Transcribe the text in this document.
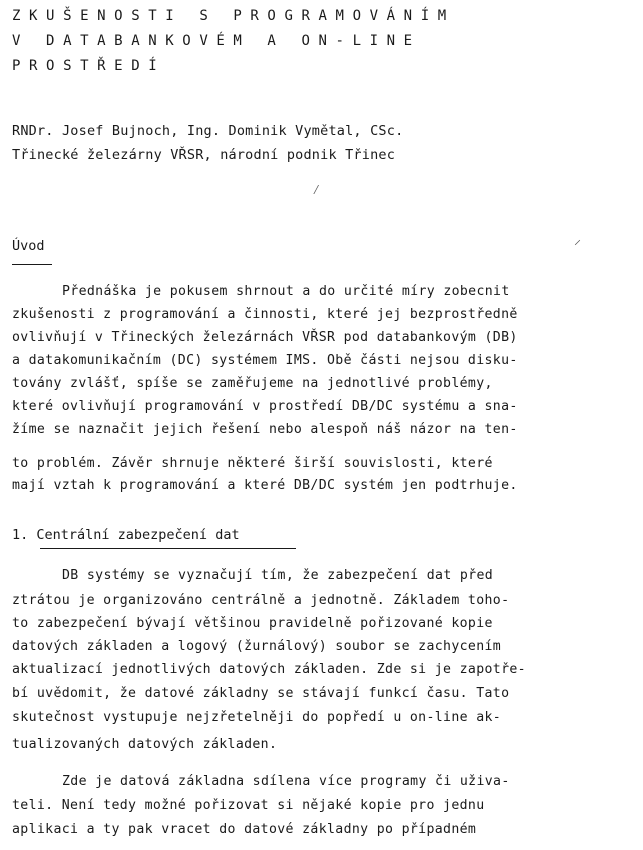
ZKUŠENOSTI S PROGRAMOVÁNÍM
V DATABANKOVÉM A ON-LINE
PROSTŘEDÍ
RNDr. Josef Bujnoch, Ing. Dominik Vymětal, CSc.
Třinecké železárny VŘSR, národní podnik Třinec
⁄
⸝
Úvod
Přednáška je pokusem shrnout a do určité míry zobecnit
zkušenosti z programování a činnosti, které jej bezprostředně
ovlivňují v Třineckých železárnách VŘSR pod databankovým (DB)
a datakomunikačním (DC) systémem IMS. Obě části nejsou disku-
továny zvlášť, spíše se zaměřujeme na jednotlivé problémy,
které ovlivňují programování v prostředí DB/DC systému a sna-
žíme se naznačit jejich řešení nebo alespoň náš názor na ten-
to problém. Závěr shrnuje některé širší souvislosti, které
mají vztah k programování a které DB/DC systém jen podtrhuje.
1. Centrální zabezpečení dat
DB systémy se vyznačují tím, že zabezpečení dat před
ztrátou je organizováno centrálně a jednotně. Základem toho-
to zabezpečení bývají většinou pravidelně pořizované kopie
datových základen a logový (žurnálový) soubor se zachycením
aktualizací jednotlivých datových základen. Zde si je zapotře-
bí uvědomit, že datové základny se stávají funkcí času. Tato
skutečnost vystupuje nejzřetelněji do popředí u on-line ak-
tualizovaných datových základen.
Zde je datová základna sdílena více programy či uživa-
teli. Není tedy možné pořizovat si nějaké kopie pro jednu
aplikaci a ty pak vracet do datové základny po případném
